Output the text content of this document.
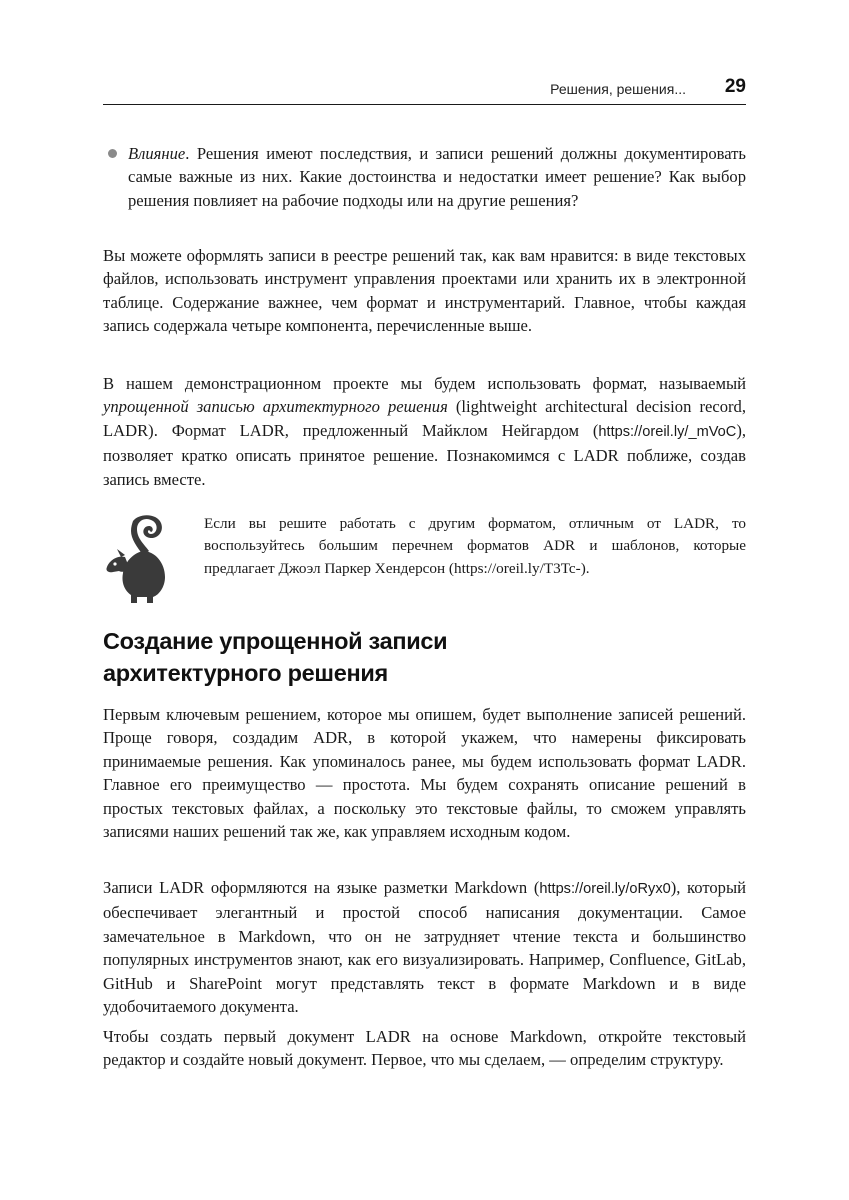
Решения, решения... 29

Влияние. Решения имеют последствия, и записи решений должны документировать самые важные из них. Какие достоинства и недостатки имеет решение? Как выбор решения повлияет на рабочие подходы или на другие решения?

Вы можете оформлять записи в реестре решений так, как вам нравится: в виде текстовых файлов, использовать инструмент управления проектами или хранить их в электронной таблице. Содержание важнее, чем формат и инструментарий. Главное, чтобы каждая запись содержала четыре компонента, перечисленные выше.

В нашем демонстрационном проекте мы будем использовать формат, называемый упрощенной записью архитектурного решения (lightweight architectural decision record, LADR). Формат LADR, предложенный Майклом Нейгардом (https://oreil.ly/_mVoC), позволяет кратко описать принятое решение. Познакомимся с LADR поближе, создав запись вместе.

Если вы решите работать с другим форматом, отличным от LADR, то воспользуйтесь большим перечнем форматов ADR и шаблонов, которые предлагает Джоэл Паркер Хендерсон (https://oreil.ly/T3Tc-).

Создание упрощенной записи
архитектурного решения

Первым ключевым решением, которое мы опишем, будет выполнение записей решений. Проще говоря, создадим ADR, в которой укажем, что намерены фиксировать принимаемые решения. Как упоминалось ранее, мы будем использовать формат LADR. Главное его преимущество — простота. Мы будем сохранять описание решений в простых текстовых файлах, а поскольку это текстовые файлы, то сможем управлять записями наших решений так же, как управляем исходным кодом.

Записи LADR оформляются на языке разметки Markdown (https://oreil.ly/oRyx0), который обеспечивает элегантный и простой способ написания документации. Самое замечательное в Markdown, что он не затрудняет чтение текста и большинство популярных инструментов знают, как его визуализировать. Например, Confluence, GitLab, GitHub и SharePoint могут представлять текст в формате Markdown и в виде удобочитаемого документа.

Чтобы создать первый документ LADR на основе Markdown, откройте текстовый редактор и создайте новый документ. Первое, что мы сделаем, — определим структуру.
